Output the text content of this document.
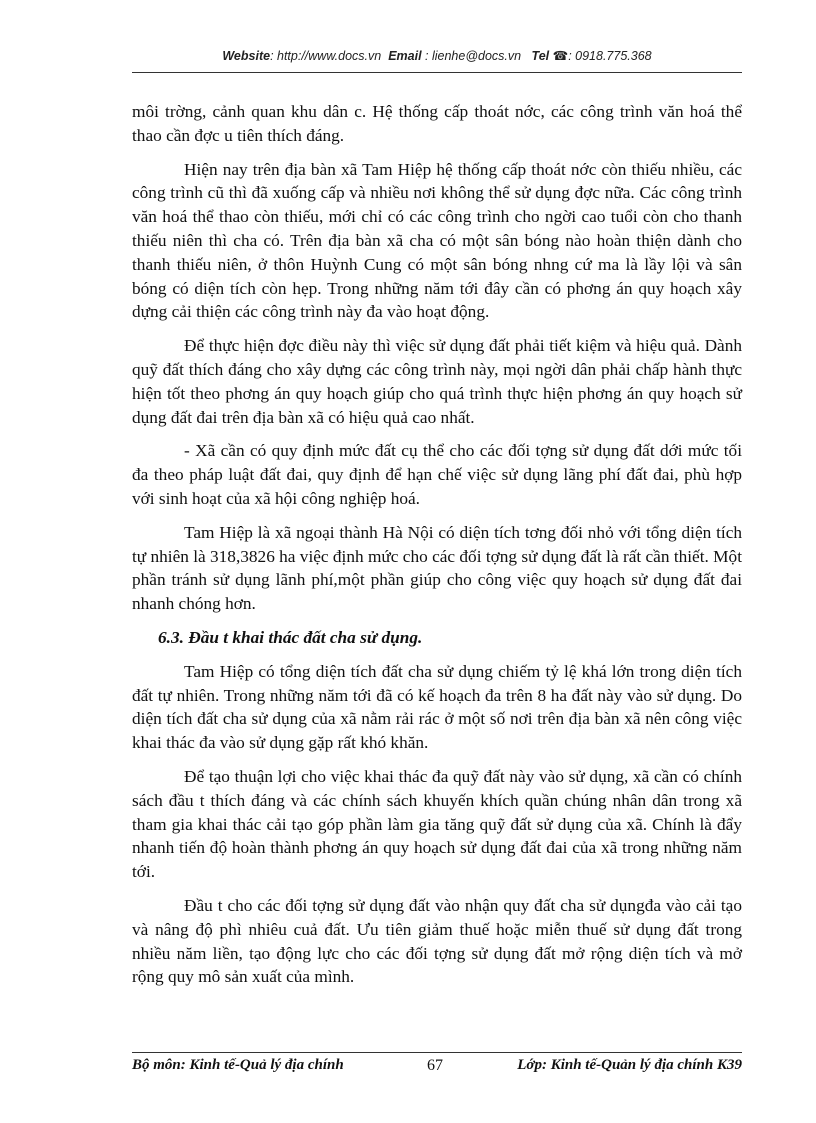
Website: http://www.docs.vn Email : lienhe@docs.vn Tel ☎: 0918.775.368

môi trờng, cảnh quan khu dân c. Hệ thống cấp thoát nớc, các công trình văn hoá thể thao cần đợc u tiên thích đáng.

Hiện nay trên địa bàn xã Tam Hiệp hệ thống cấp thoát nớc còn thiếu nhiều, các công trình cũ thì đã xuống cấp và nhiều nơi không thể sử dụng đợc nữa. Các công trình văn hoá thể thao còn thiếu, mới chỉ có các công trình cho ngời cao tuổi còn cho thanh thiếu niên thì cha có. Trên địa bàn xã cha có một sân bóng nào hoàn thiện dành cho thanh thiếu niên, ở thôn Huỳnh Cung có một sân bóng nhng cứ ma là lầy lội và sân bóng có diện tích còn hẹp. Trong những năm tới đây cần có phơng án quy hoạch xây dựng cải thiện các công trình này đa vào hoạt động.

Để thực hiện đợc điều này thì việc sử dụng đất phải tiết kiệm và hiệu quả. Dành quỹ đất thích đáng cho xây dựng các công trình này, mọi ngời dân phải chấp hành thực hiện tốt theo phơng án quy hoạch giúp cho quá trình thực hiện phơng án quy hoạch sử dụng đất đai trên địa bàn xã có hiệu quả cao nhất.

- Xã cần có quy định mức đất cụ thể cho các đối tợng sử dụng đất dới mức tối đa theo pháp luật đất đai, quy định để hạn chế việc sử dụng lãng phí đất đai, phù hợp với sinh hoạt của xã hội công nghiệp hoá.

Tam Hiệp là xã ngoại thành Hà Nội có diện tích tơng đối nhỏ với tổng diện tích tự nhiên là 318,3826 ha việc định mức cho các đối tợng sử dụng đất là rất cần thiết. Một phần tránh sử dụng lãnh phí,một phần giúp cho công việc quy hoạch sử dụng đất đai nhanh chóng hơn.

6.3. Đầu t khai thác đất cha sử dụng.

Tam Hiệp có tổng diện tích đất cha sử dụng chiếm tỷ lệ khá lớn trong diện tích đất tự nhiên. Trong những năm tới đã có kế hoạch đa trên 8 ha đất này vào sử dụng. Do diện tích đất cha sử dụng của xã nằm rải rác ở một số nơi trên địa bàn xã nên công việc khai thác đa vào sử dụng gặp rất khó khăn.

Để tạo thuận lợi cho việc khai thác đa quỹ đất này vào sử dụng, xã cần có chính sách đầu t thích đáng và các chính sách khuyến khích quần chúng nhân dân trong xã tham gia khai thác cải tạo góp phần làm gia tăng quỹ đất sử dụng của xã. Chính là đẩy nhanh tiến độ hoàn thành phơng án quy hoạch sử dụng đất đai của xã trong những năm tới.

Đầu t cho các đối tợng sử dụng đất vào nhận quy đất cha sử dụngđa vào cải tạo và nâng độ phì nhiêu cuả đất. Ưu tiên giảm thuế hoặc miễn thuế sử dụng đất trong nhiều năm liền, tạo động lực cho các đối tợng sử dụng đất mở rộng diện tích và mở rộng quy mô sản xuất của mình.

Bộ môn: Kinh tế-Quả lý địa chính	67	Lớp: Kinh tế-Quản lý địa chính K39
